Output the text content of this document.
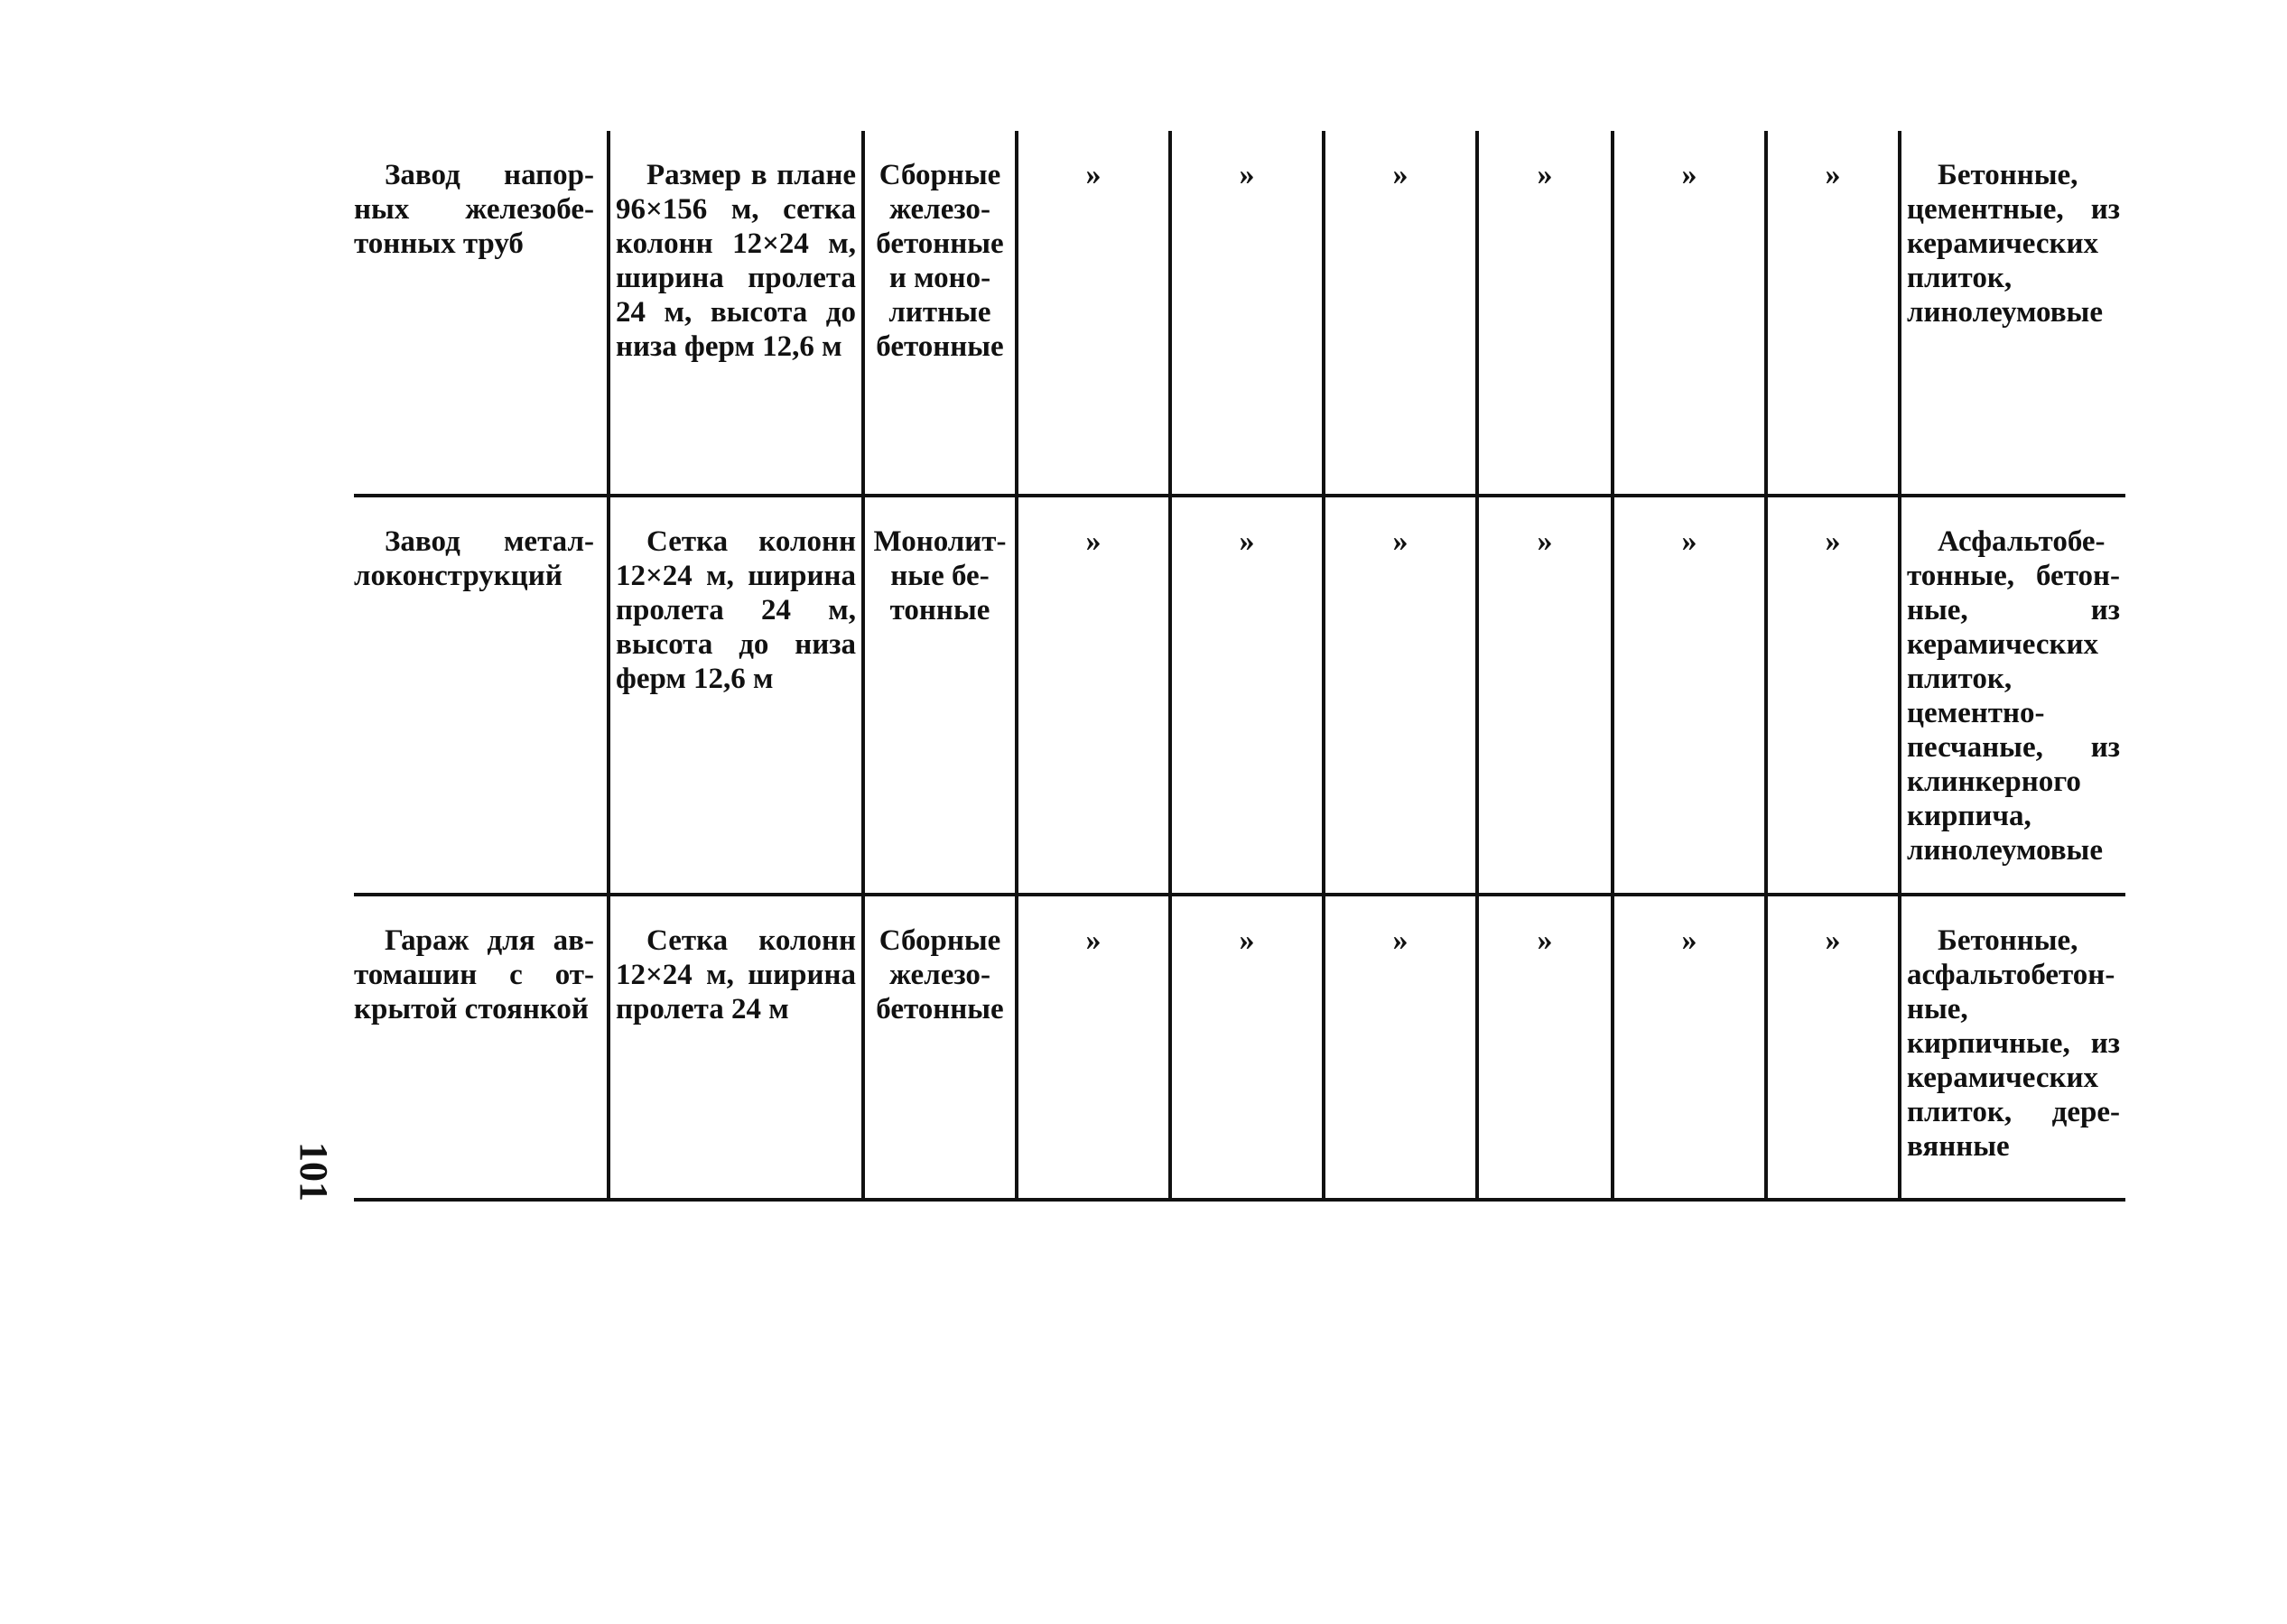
101
Завод напорных железобетонных труб	Размер в плане 96×156 м, сетка колонн 12×24 м, ширина пролета 24 м, высота до низа ферм 12,6 м	Сборные железобетонные и монолитные бетонные	»	»	»	»	»	»	Бетонные, цементные, из керамических плиток, линолеумовые

Завод металлоконструкций	Сетка колонн 12×24 м, ширина пролета 24 м, высота до низа ферм 12,6 м	Монолитные бетонные	»	»	»	»	»	»	Асфальтобетонные, бетонные, из керамических плиток, цементно-песчаные, из клинкерного кирпича, линолеумовые

Гараж для автомашин с открытой стоянкой	Сетка колонн 12×24 м, ширина пролета 24 м	Сборные железобетонные	»	»	»	»	»	»	Бетонные, асфальтобетонные, кирпичные, из керамических плиток, деревянные
